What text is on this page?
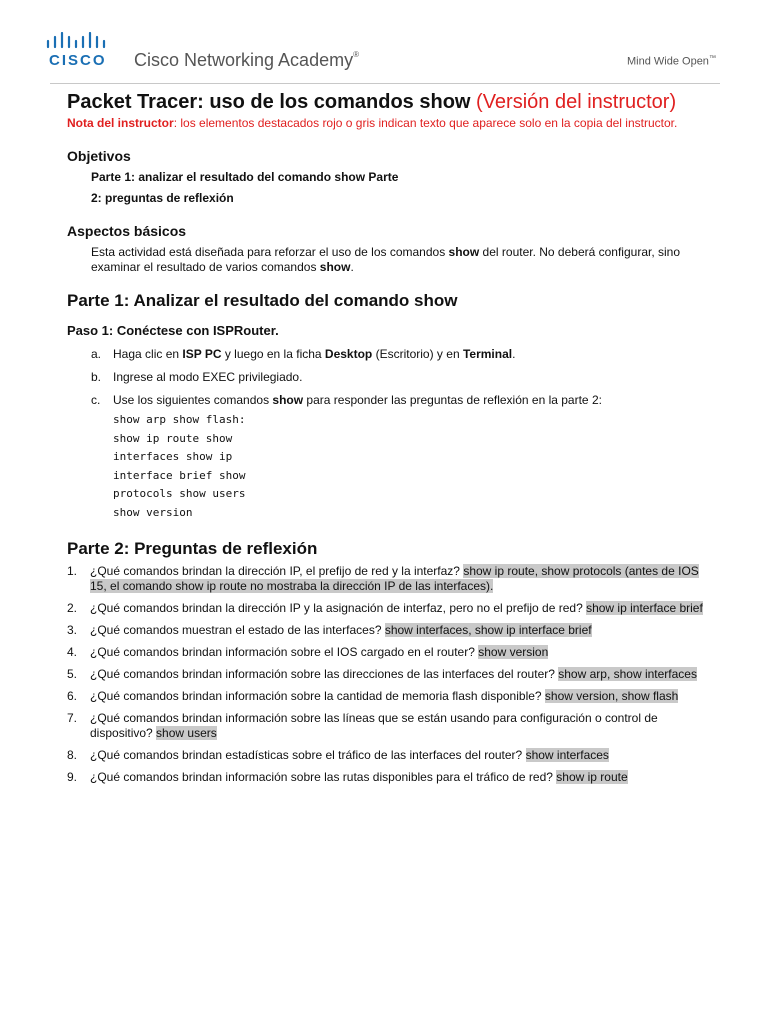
CISCO Cisco Networking Academy®
Mind Wide Open™
Packet Tracer: uso de los comandos show (Versión del instructor)
Nota del instructor: los elementos destacados rojo o gris indican texto que aparece solo en la copia del instructor.
Objetivos
Parte 1: analizar el resultado del comando show Parte
2: preguntas de reflexión
Aspectos básicos
Esta actividad está diseñada para reforzar el uso de los comandos show del router. No deberá configurar, sino examinar el resultado de varios comandos show.
Parte 1: Analizar el resultado del comando show
Paso 1: Conéctese con ISPRouter.
a. Haga clic en ISP PC y luego en la ficha Desktop (Escritorio) y en Terminal.
b. Ingrese al modo EXEC privilegiado.
c.	Use los siguientes comandos show para responder las preguntas de reflexión en la parte 2:
show arp show flash:
show ip route show
interfaces show ip
interface brief show
protocols show users
show version
Parte 2: Preguntas de reflexión
1. ¿Qué comandos brindan la dirección IP, el prefijo de red y la interfaz? show ip route, show protocols (antes de IOS 15, el comando show ip route no mostraba la dirección IP de las interfaces).
2. ¿Qué comandos brindan la dirección IP y la asignación de interfaz, pero no el prefijo de red? show ip interface brief
3. ¿Qué comandos muestran el estado de las interfaces? show interfaces, show ip interface brief
4. ¿Qué comandos brindan información sobre el IOS cargado en el router? show version
5. ¿Qué comandos brindan información sobre las direcciones de las interfaces del router? show arp, show interfaces
6. ¿Qué comandos brindan información sobre la cantidad de memoria flash disponible? show version, show flash
7. ¿Qué comandos brindan información sobre las líneas que se están usando para configuración o control de dispositivo? show users
8. ¿Qué comandos brindan estadísticas sobre el tráfico de las interfaces del router? show interfaces
9. ¿Qué comandos brindan información sobre las rutas disponibles para el tráfico de red? show ip route
